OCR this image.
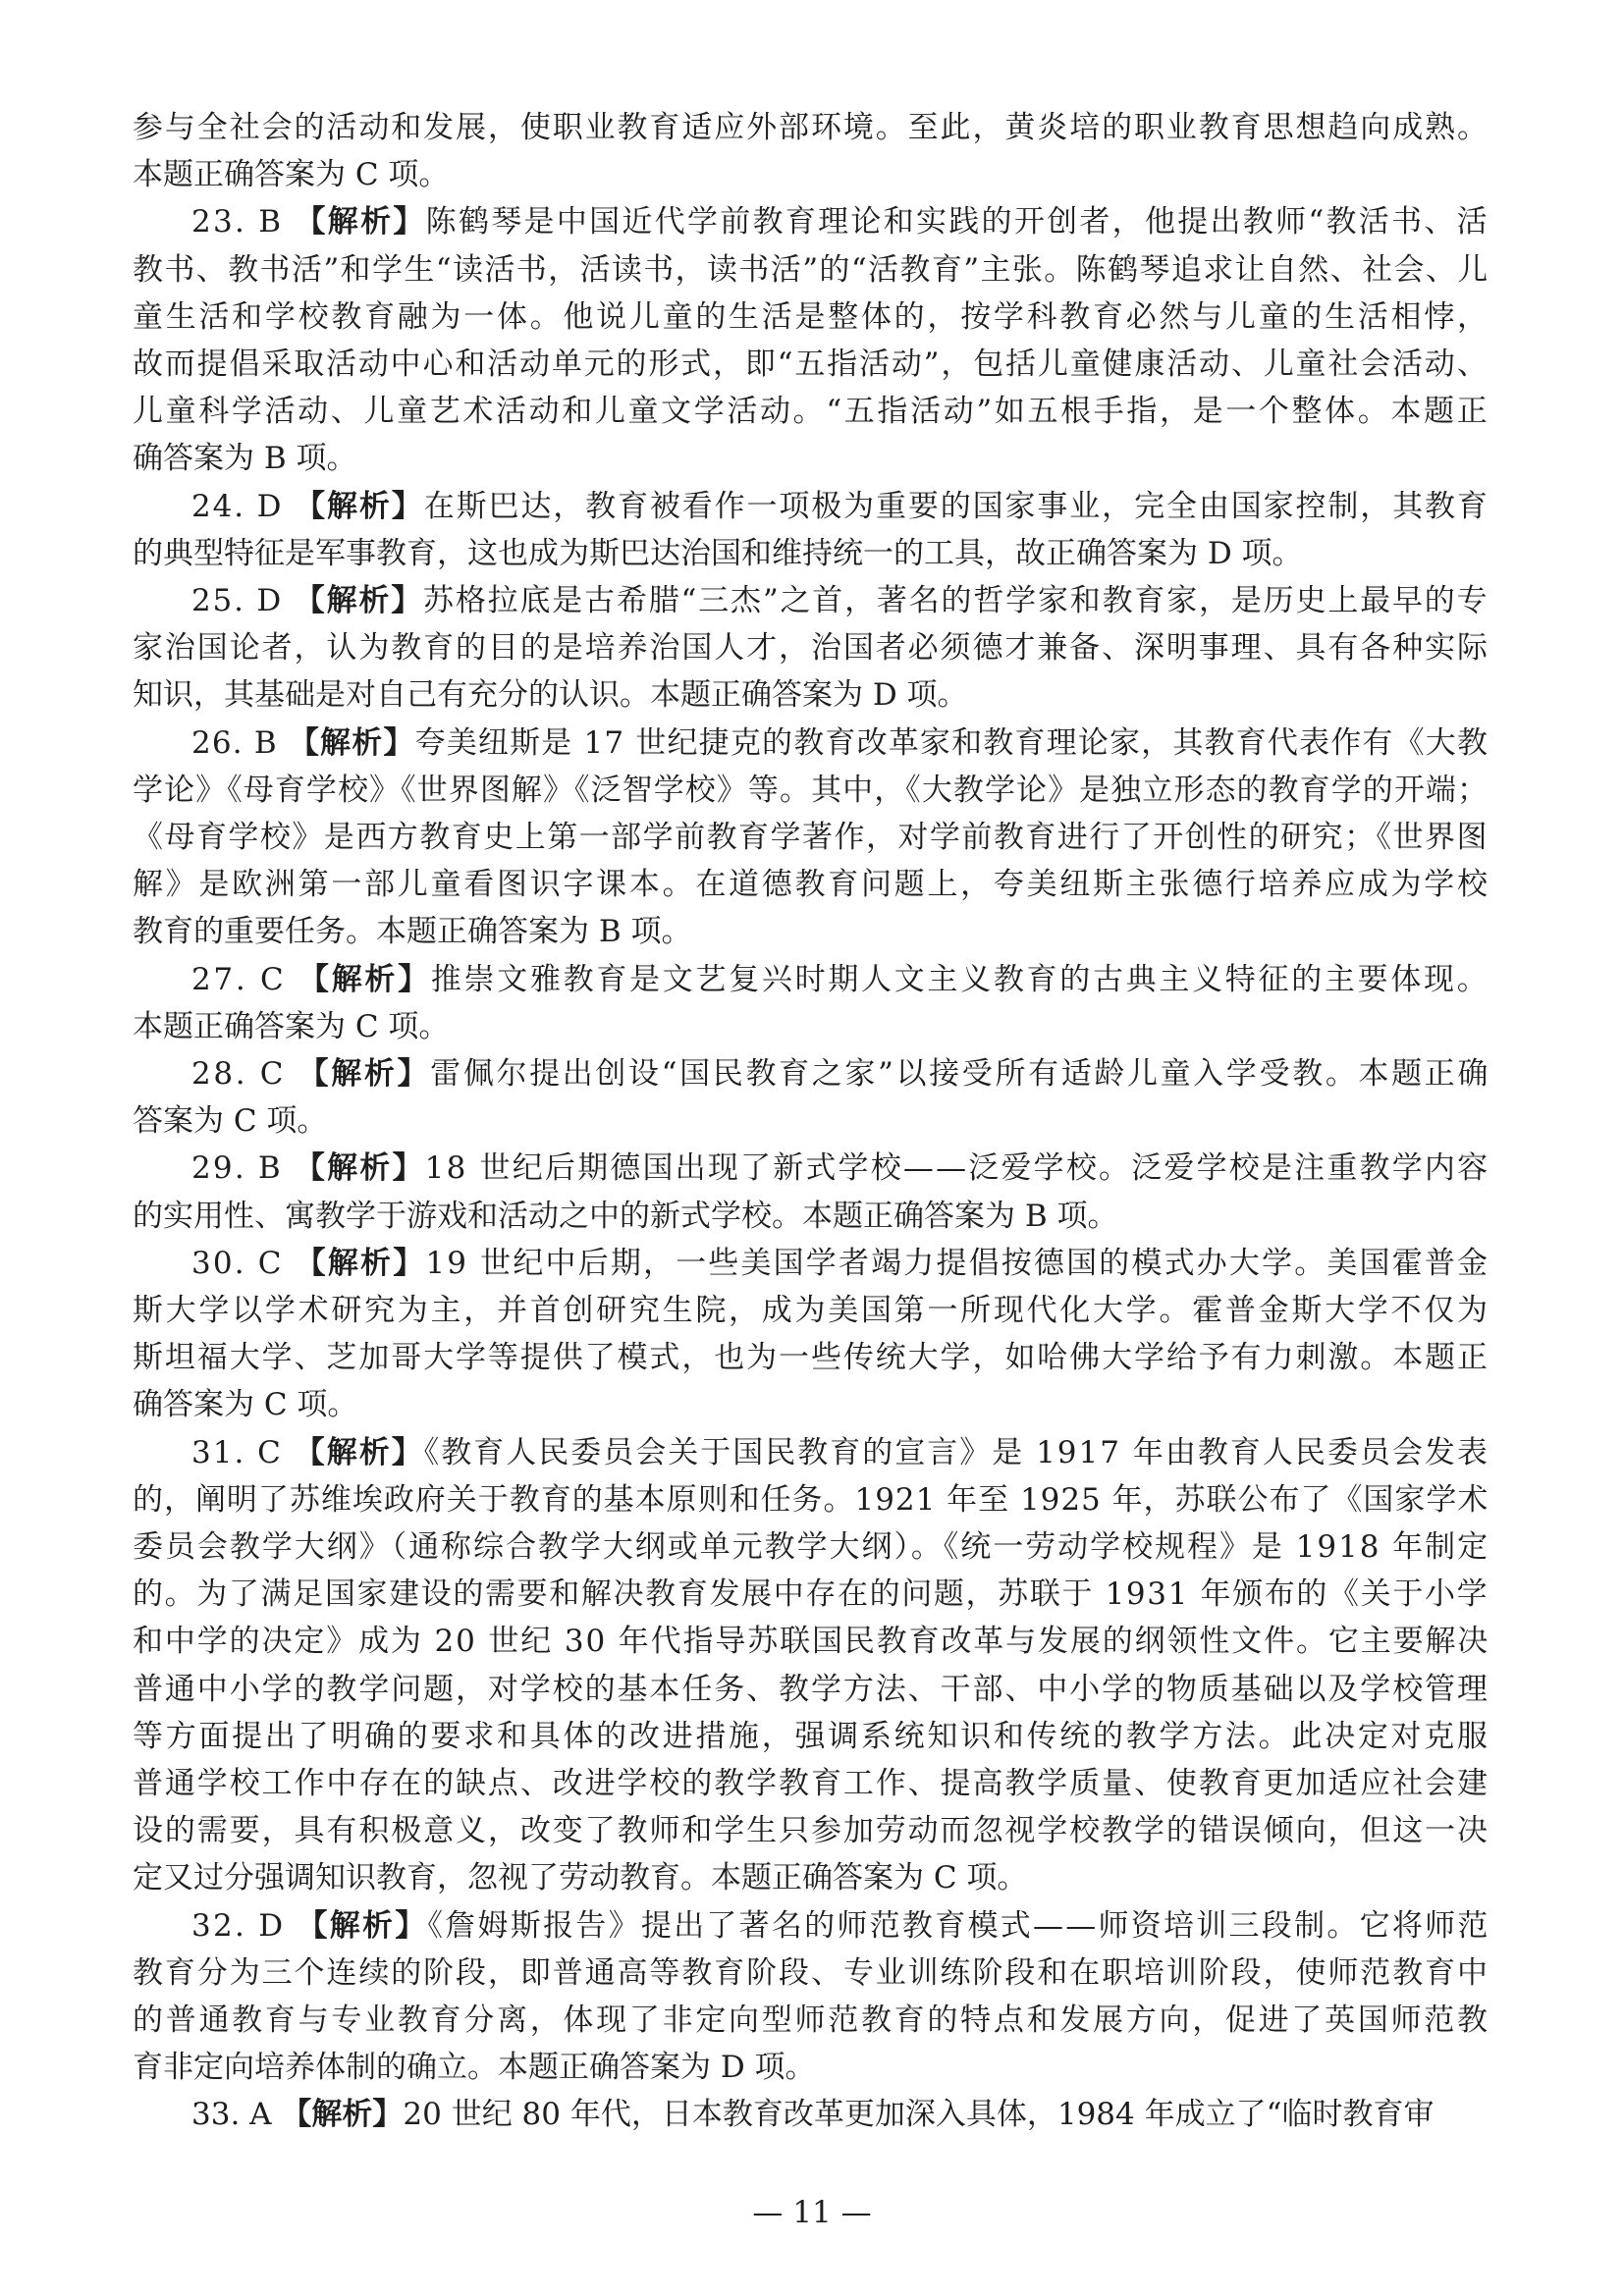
参与全社会的活动和发展，使职业教育适应外部环境。至此，黄炎培的职业教育思想趋向成熟。
本题正确答案为 C 项。
23. B 【解析】陈鹤琴是中国近代学前教育理论和实践的开创者，他提出教师“教活书、活
教书、教书活”和学生“读活书，活读书，读书活”的“活教育”主张。陈鹤琴追求让自然、社会、儿
童生活和学校教育融为一体。他说儿童的生活是整体的，按学科教育必然与儿童的生活相悖，
故而提倡采取活动中心和活动单元的形式，即“五指活动”，包括儿童健康活动、儿童社会活动、
儿童科学活动、儿童艺术活动和儿童文学活动。“五指活动”如五根手指，是一个整体。本题正
确答案为 B 项。
24. D 【解析】在斯巴达，教育被看作一项极为重要的国家事业，完全由国家控制，其教育
的典型特征是军事教育，这也成为斯巴达治国和维持统一的工具，故正确答案为 D 项。
25. D 【解析】苏格拉底是古希腊“三杰”之首，著名的哲学家和教育家，是历史上最早的专
家治国论者，认为教育的目的是培养治国人才，治国者必须德才兼备、深明事理、具有各种实际
知识，其基础是对自己有充分的认识。本题正确答案为 D 项。
26. B 【解析】夸美纽斯是 17 世纪捷克的教育改革家和教育理论家，其教育代表作有《大教
学论》《母育学校》《世界图解》《泛智学校》等。其中，《大教学论》是独立形态的教育学的开端；
《母育学校》是西方教育史上第一部学前教育学著作，对学前教育进行了开创性的研究；《世界图
解》是欧洲第一部儿童看图识字课本。在道德教育问题上，夸美纽斯主张德行培养应成为学校
教育的重要任务。本题正确答案为 B 项。
27. C 【解析】推崇文雅教育是文艺复兴时期人文主义教育的古典主义特征的主要体现。
本题正确答案为 C 项。
28. C 【解析】雷佩尔提出创设“国民教育之家”以接受所有适龄儿童入学受教。本题正确
答案为 C 项。
29. B 【解析】18 世纪后期德国出现了新式学校——泛爱学校。泛爱学校是注重教学内容
的实用性、寓教学于游戏和活动之中的新式学校。本题正确答案为 B 项。
30. C 【解析】19 世纪中后期，一些美国学者竭力提倡按德国的模式办大学。美国霍普金
斯大学以学术研究为主，并首创研究生院，成为美国第一所现代化大学。霍普金斯大学不仅为
斯坦福大学、芝加哥大学等提供了模式，也为一些传统大学，如哈佛大学给予有力刺激。本题正
确答案为 C 项。
31. C 【解析】《教育人民委员会关于国民教育的宣言》是 1917 年由教育人民委员会发表
的，阐明了苏维埃政府关于教育的基本原则和任务。1921 年至 1925 年，苏联公布了《国家学术
委员会教学大纲》（通称综合教学大纲或单元教学大纲）。《统一劳动学校规程》是 1918 年制定
的。为了满足国家建设的需要和解决教育发展中存在的问题，苏联于 1931 年颁布的《关于小学
和中学的决定》成为 20 世纪 30 年代指导苏联国民教育改革与发展的纲领性文件。它主要解决
普通中小学的教学问题，对学校的基本任务、教学方法、干部、中小学的物质基础以及学校管理
等方面提出了明确的要求和具体的改进措施，强调系统知识和传统的教学方法。此决定对克服
普通学校工作中存在的缺点、改进学校的教学教育工作、提高教学质量、使教育更加适应社会建
设的需要，具有积极意义，改变了教师和学生只参加劳动而忽视学校教学的错误倾向，但这一决
定又过分强调知识教育，忽视了劳动教育。本题正确答案为 C 项。
32. D 【解析】《詹姆斯报告》提出了著名的师范教育模式——师资培训三段制。它将师范
教育分为三个连续的阶段，即普通高等教育阶段、专业训练阶段和在职培训阶段，使师范教育中
的普通教育与专业教育分离，体现了非定向型师范教育的特点和发展方向，促进了英国师范教
育非定向培养体制的确立。本题正确答案为 D 项。
33. A 【解析】20 世纪 80 年代，日本教育改革更加深入具体，1984 年成立了“临时教育审
— 11 —
